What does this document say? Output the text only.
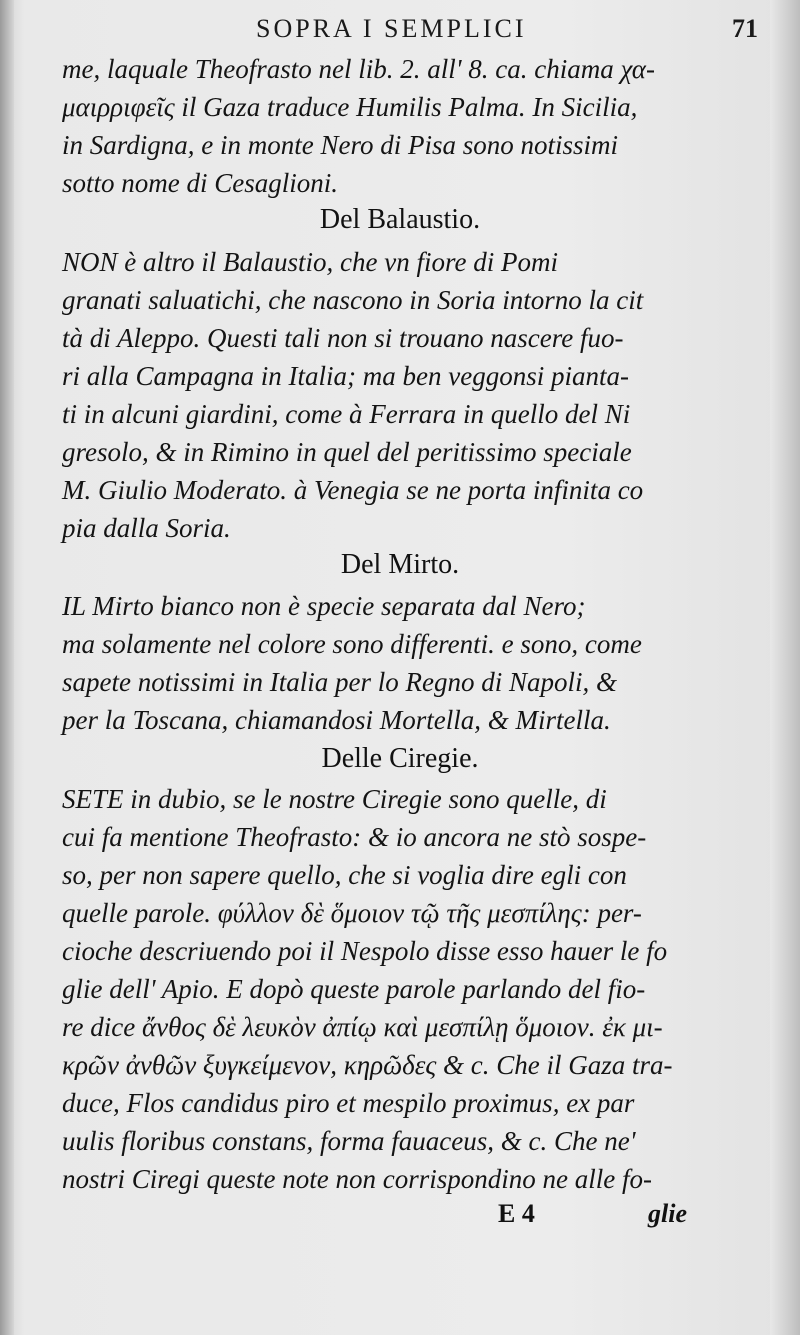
SOPRA I SEMPLICI	71
me, laquale Theofrasto nel lib. 2. all' 8. ca. chiama χα-
μαιρριφεῖς il Gaza traduce Humilis Palma. In Sicilia,
in Sardigna, e in monte Nero di Pisa sono notissimi
sotto nome di Cesaglioni.
Del Balaustio.
NON è altro il Balaustio, che vn fiore di Pomi
granati saluatichi, che nascono in Soria intorno la cit
tà di Aleppo. Questi tali non si trouano nascere fuo-
ri alla Campagna in Italia; ma ben veggonsi pianta-
ti in alcuni giardini, come à Ferrara in quello del Ni
gresolo, & in Rimino in quel del peritissimo speciale
M. Giulio Moderato. à Venegia se ne porta infinita co
pia dalla Soria.
Del Mirto.
IL Mirto bianco non è specie separata dal Nero;
ma solamente nel colore sono differenti. e sono, come
sapete notissimi in Italia per lo Regno di Napoli, &
per la Toscana, chiamandosi Mortella, & Mirtella.
Delle Ciregie.
SETE in dubio, se le nostre Ciregie sono quelle, di
cui fa mentione Theofrasto: & io ancora ne stò sospe-
so, per non sapere quello, che si voglia dire egli con
quelle parole. φύλλον δὲ ὅμοιον τῷ τῆς μεσπίλης: per-
cioche descriuendo poi il Nespolo disse esso hauer le fo
glie dell' Apio. E dopò queste parole parlando del fio-
re dice ἄνθος δὲ λευκὸν ἀπίῳ καὶ μεσπίλῃ ὅμοιον. ἐκ μι-
κρῶν ἀνθῶν ξυγκείμενον, κηρῶδες & c. Che il Gaza tra-
duce, Flos candidus piro et mespilo proximus, ex par
uulis floribus constans, forma fauaceus, & c. Che ne'
nostri Ciregi queste note non corrispondino ne alle fo-
E 4	glie
